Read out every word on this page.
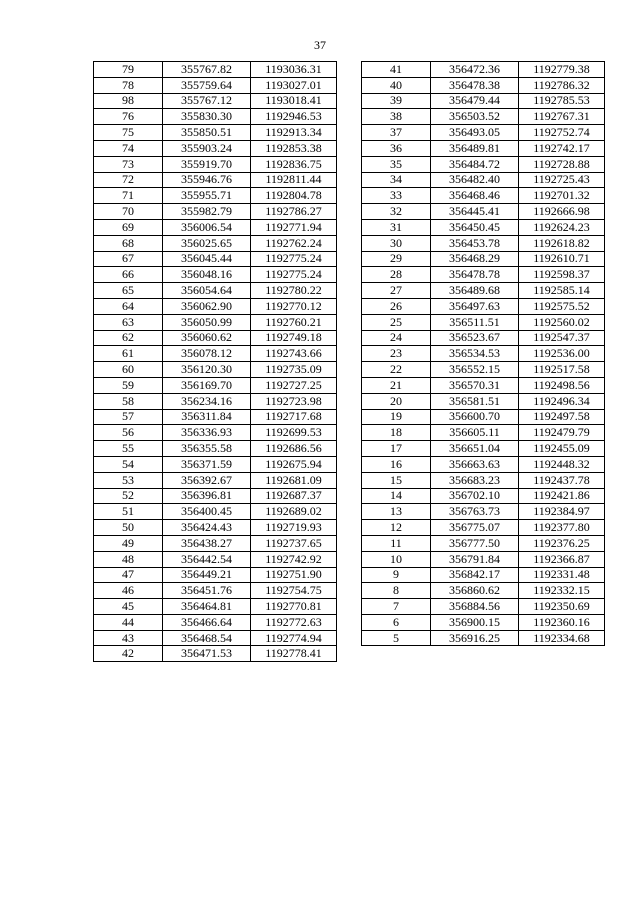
37
79	355767.82	1193036.31
78	355759.64	1193027.01
98	355767.12	1193018.41
76	355830.30	1192946.53
75	355850.51	1192913.34
74	355903.24	1192853.38
73	355919.70	1192836.75
72	355946.76	1192811.44
71	355955.71	1192804.78
70	355982.79	1192786.27
69	356006.54	1192771.94
68	356025.65	1192762.24
67	356045.44	1192775.24
66	356048.16	1192775.24
65	356054.64	1192780.22
64	356062.90	1192770.12
63	356050.99	1192760.21
62	356060.62	1192749.18
61	356078.12	1192743.66
60	356120.30	1192735.09
59	356169.70	1192727.25
58	356234.16	1192723.98
57	356311.84	1192717.68
56	356336.93	1192699.53
55	356355.58	1192686.56
54	356371.59	1192675.94
53	356392.67	1192681.09
52	356396.81	1192687.37
51	356400.45	1192689.02
50	356424.43	1192719.93
49	356438.27	1192737.65
48	356442.54	1192742.92
47	356449.21	1192751.90
46	356451.76	1192754.75
45	356464.81	1192770.81
44	356466.64	1192772.63
43	356468.54	1192774.94
42	356471.53	1192778.41
41	356472.36	1192779.38
40	356478.38	1192786.32
39	356479.44	1192785.53
38	356503.52	1192767.31
37	356493.05	1192752.74
36	356489.81	1192742.17
35	356484.72	1192728.88
34	356482.40	1192725.43
33	356468.46	1192701.32
32	356445.41	1192666.98
31	356450.45	1192624.23
30	356453.78	1192618.82
29	356468.29	1192610.71
28	356478.78	1192598.37
27	356489.68	1192585.14
26	356497.63	1192575.52
25	356511.51	1192560.02
24	356523.67	1192547.37
23	356534.53	1192536.00
22	356552.15	1192517.58
21	356570.31	1192498.56
20	356581.51	1192496.34
19	356600.70	1192497.58
18	356605.11	1192479.79
17	356651.04	1192455.09
16	356663.63	1192448.32
15	356683.23	1192437.78
14	356702.10	1192421.86
13	356763.73	1192384.97
12	356775.07	1192377.80
11	356777.50	1192376.25
10	356791.84	1192366.87
9	356842.17	1192331.48
8	356860.62	1192332.15
7	356884.56	1192350.69
6	356900.15	1192360.16
5	356916.25	1192334.68
